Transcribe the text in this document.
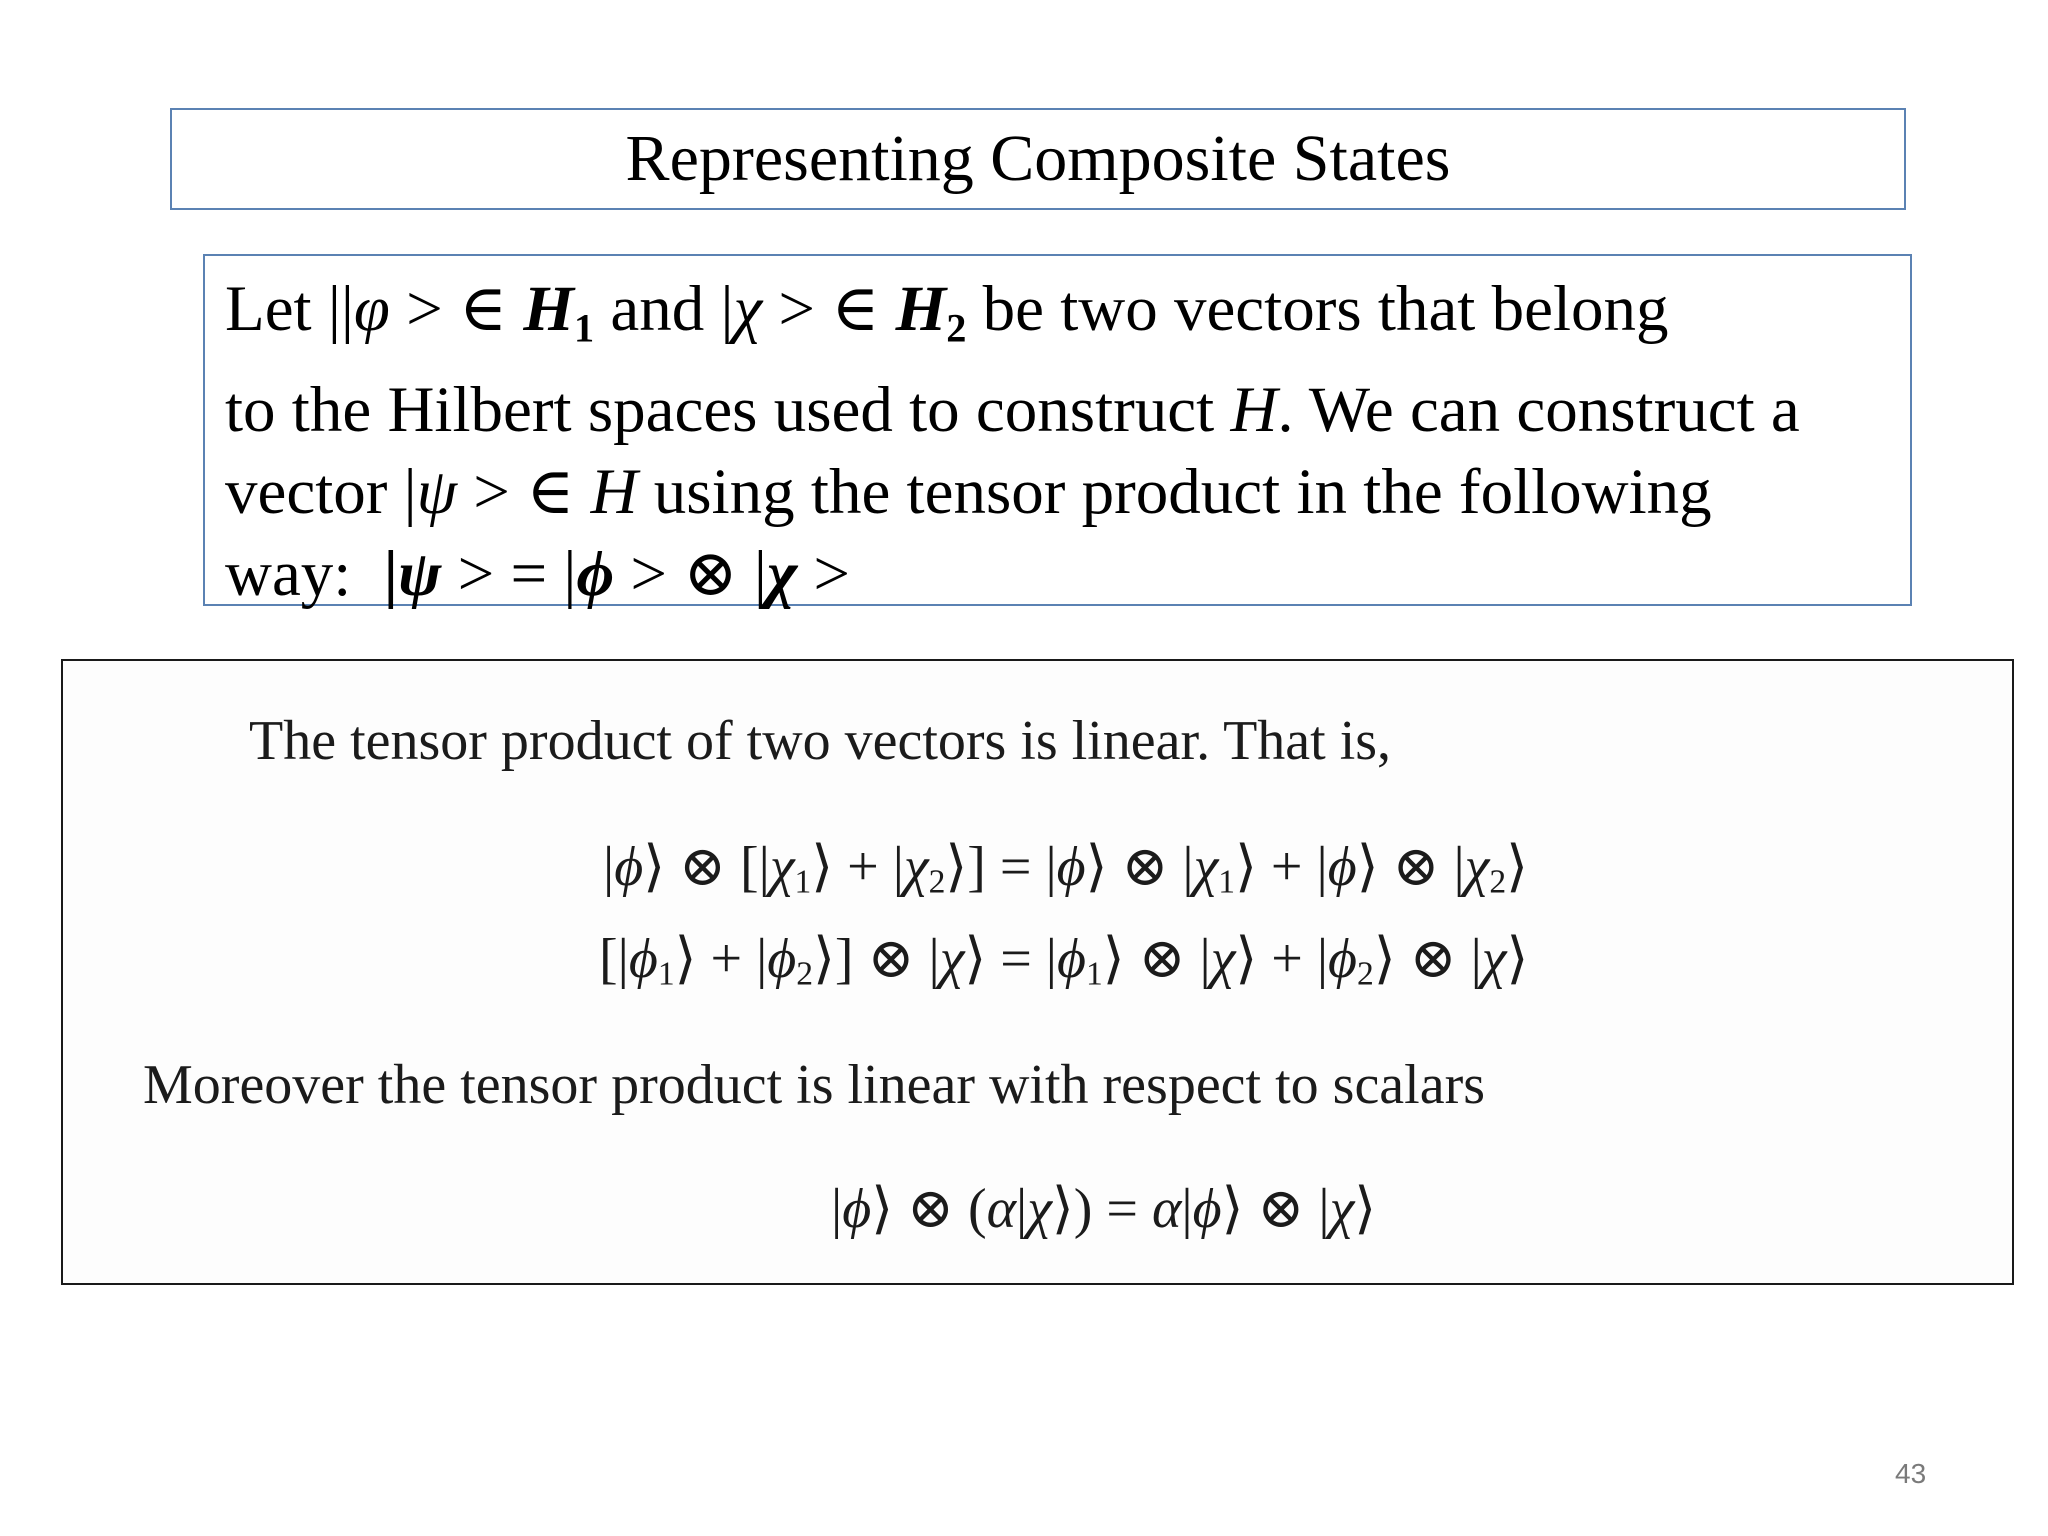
Representing Composite States
Let ||φ > ∈ $H_1$ and |χ > ∈ $H_2$ be two vectors that belong
to the Hilbert spaces used to construct H. We can construct a
vector |ψ > ∈ H using the tensor product in the following
way: |ψ > = |ϕ > ⊗ |χ >
The tensor product of two vectors is linear. That is,
|ϕ⟩ ⊗ [|χ1⟩ + |χ2⟩] = |ϕ⟩ ⊗ |χ1⟩ + |ϕ⟩ ⊗ |χ2⟩
[|ϕ1⟩ + |ϕ2⟩] ⊗ |χ⟩ = |ϕ1⟩ ⊗ |χ⟩ + |ϕ2⟩ ⊗ |χ⟩
Moreover the tensor product is linear with respect to scalars
|ϕ⟩ ⊗ (α|χ⟩) = α|ϕ⟩ ⊗ |χ⟩
43
